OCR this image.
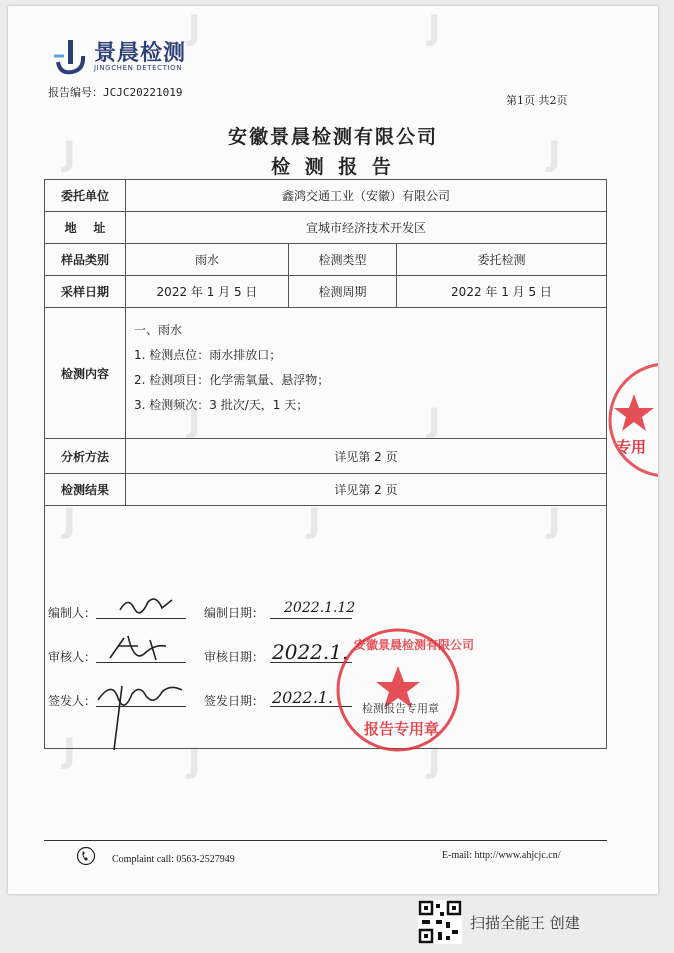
J	J
J	J
J	J
J	J	J
J	J
J
景晨检测
JINGCHEN DETECTION
报告编号：JCJC20221019
第1页 共2页
安徽景晨检测有限公司
检 测 报 告
委托单位	鑫鸿交通工业（安徽）有限公司		
地    址	宣城市经济技术开发区		
样品类别	雨水	检测类型	委托检测
采样日期	2022 年 1 月 5 日	检测周期	2022 年 1 月 5 日
检测内容	一、雨水
1. 检测点位：雨水排放口；
2. 检测项目：化学需氧量、悬浮物；
3. 检测频次：3 批次/天，1 天；		

分析方法	详见第 2 页		
检测结果	详见第 2 页		

编制人：	编制日期： 2022.1.12
审核人：	审核日期： 2022.1.
签发人：	签发日期： 2022.1.
安徽景晨检测有限公司
检测报告专用章
报告专用章
专用
Complaint call: 0563-2527949	E-mail: http://www.ahjcjc.cn/
扫描全能王 创建
